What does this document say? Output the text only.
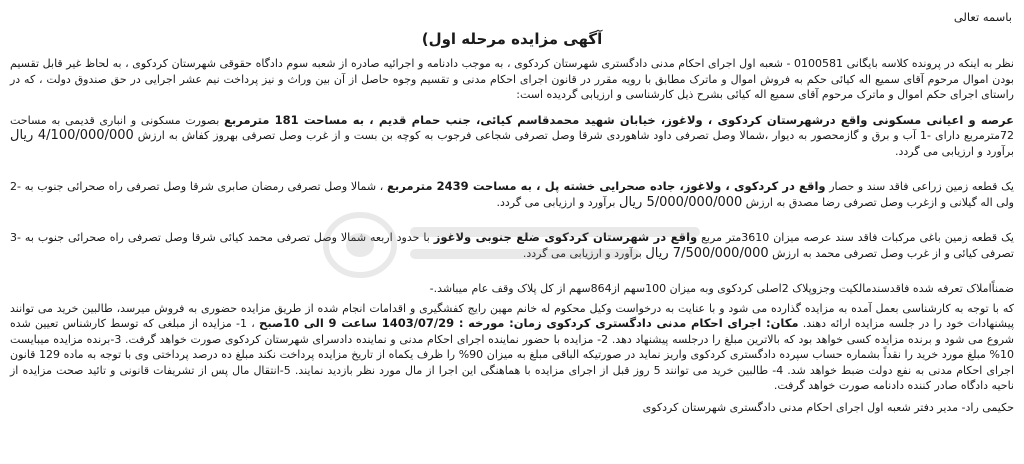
باسمه تعالی
آگهی مزایده مرحله اول)

نظر به اینکه در پرونده کلاسه بایگانی 0100581 - شعبه اول اجرای احکام مدنی دادگستری شهرستان کردکوی ، به موجب دادنامه و اجرائیه صادره از شعبه سوم دادگاه حقوقی شهرستان کردکوی ، به لحاظ غیر قابل تقسیم بودن اموال مرحوم آقای سمیع اله کیائی حکم به فروش اموال و ماترک مطابق با رویه مقرر در قانون اجرای احکام مدنی و تقسیم وجوه حاصل از آن بین وراث و نیز پرداخت نیم عشر اجرایی در حق صندوق دولت ، که در راستای اجرای حکم اموال و ماترک مرحوم آقای سمیع اله کیائی بشرح ذیل کارشناسی و ارزیابی گردیده است:

عرصه و اعیانی مسکونی واقع درشهرستان کردکوی ، ولاغوز، خیابان شهید محمدقاسم کیائی، جنب حمام قدیم ، به مساحت 181 مترمربع بصورت مسکونی و انباری قدیمی به مساحت 72مترمربع دارای -1 آب و برق و گازمحصور به دیوار ،شمالا وصل تصرفی داود شاهوردی شرقا وصل تصرفی شجاعی فرجوب به کوچه بن بست و از غرب وصل تصرفی بهروز کفاش به ارزش 4/100/000/000 ریال برآورد و ارزیابی می گردد.

یک قطعه زمین زراعی فاقد سند و حصار واقع در کردکوی ، ولاغوز، جاده صحرایی خشته پل ، به مساحت 2439 مترمربع ، شمالا وصل تصرفی رمضان صابری شرقا وصل تصرفی راه صحرائی جنوب به -2 ولی اله گیلانی و ازغرب وصل تصرفی رضا مصدق به ارزش 5/000/000/000 ریال برآورد و ارزیابی می گردد.

یک قطعه زمین باغی مرکبات فاقد سند عرصه میزان 3610متر مربع واقع در شهرستان کردکوی ضلع جنوبی ولاغوز با حدود اربعه شمالا وصل تصرفی محمد کیائی شرقا وصل تصرفی راه صحرائی جنوب به -3 تصرفی کیائی و از غرب وصل تصرفی محمد به ارزش 7/500/000/000 ریال برآورد و ارزیابی می گردد.

ضمناًاملاک تعرفه شده فاقدسندمالکیت وجزوپلاک 2اصلی کردکوی وبه میزان 100سهم از864سهم از کل پلاک وقف عام میباشد.-

که با توجه به کارشناسی بعمل آمده به مزایده گذارده می شود و با عنایت به درخواست وکیل محکوم له خانم مهین رایج کفشگیری و اقدامات انجام شده از طریق مزایده حضوری به فروش میرسد، طالبین خرید می توانند پیشنهادات خود را در جلسه مزایده ارائه دهند. مکان: اجرای احکام مدنی دادگستری کردکوی زمان: مورخه : 1403/07/29 ساعت 9 الی 10صبح ، 1- مزایده از مبلغی که توسط کارشناس تعیین شده شروع می شود و برنده مزایده کسی خواهد بود که بالاترین مبلغ را درجلسه پیشنهاد دهد. 2- مزایده با حضور نماینده اجرای احکام مدنی و نماینده دادسرای شهرستان کردکوی صورت خواهد گرفت. 3-برنده مزایده میبایست 10% مبلغ مورد خرید را نقداً بشماره حساب سپرده دادگستری کردکوی واریز نماید در صورتیکه الباقی مبلغ به میزان 90% را ظرف یکماه از تاریخ مزایده پرداخت نکند مبلغ ده درصد پرداختی وی با توجه به ماده 129 قانون اجرای احکام مدنی به نفع دولت ضبط خواهد شد. 4- طالبین خرید می توانند 5 روز قبل از اجرای مزایده با هماهنگی این اجرا از مال مورد نظر بازدید نمایند. 5-انتقال مال پس از تشریفات قانونی و تائید صحت مزایده از ناحیه دادگاه صادر کننده دادنامه صورت خواهد گرفت.

حکیمی راد- مدیر دفتر شعبه اول اجرای احکام مدنی دادگستری شهرستان کردکوی
